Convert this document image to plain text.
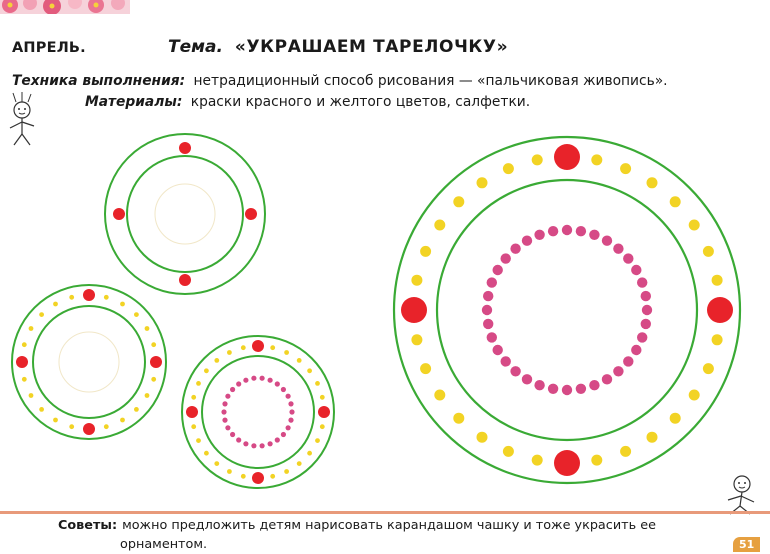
АПРЕЛЬ.	Тема. «УКРАШАЕМ ТАРЕЛОЧКУ»
Техника выполнения: нетрадиционный способ рисования — «пальчиковая живопись».
Материалы: краски красного и желтого цветов, салфетки.
Советы: можно предложить детям нарисовать карандашом чашку и тоже украсить ее
орнаментом.	51
